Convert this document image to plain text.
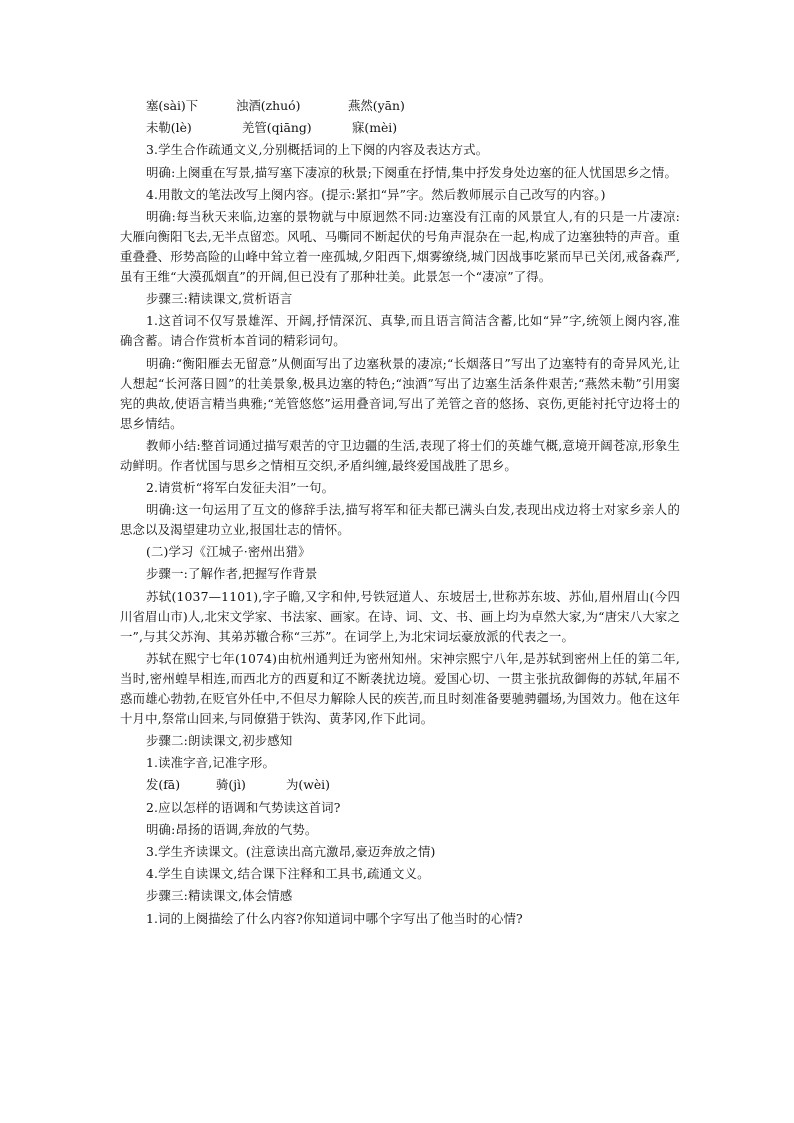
塞(sài)下	浊酒(zhuó)	燕然(yān)
未勒(lè)	羌管(qiāng)	寐(mèi)

3.学生合作疏通文义,分别概括词的上下阕的内容及表达方式。

明确:上阕重在写景,描写塞下凄凉的秋景;下阕重在抒情,集中抒发身处边塞的征人忧国思乡之情。

4.用散文的笔法改写上阕内容。(提示:紧扣“异”字。然后教师展示自己改写的内容。)

明确:每当秋天来临,边塞的景物就与中原迥然不同:边塞没有江南的风景宜人,有的只是一片凄凉:大雁向衡阳飞去,无半点留恋。风吼、马嘶同不断起伏的号角声混杂在一起,构成了边塞独特的声音。重重叠叠、形势高险的山峰中耸立着一座孤城,夕阳西下,烟雾缭绕,城门因战事吃紧而早已关闭,戒备森严,虽有王维“大漠孤烟直”的开阔,但已没有了那种壮美。此景怎一个“凄凉”了得。

步骤三:精读课文,赏析语言

1.这首词不仅写景雄浑、开阔,抒情深沉、真挚,而且语言简洁含蓄,比如“异”字,统领上阕内容,准确含蓄。请合作赏析本首词的精彩词句。

明确:“衡阳雁去无留意”从侧面写出了边塞秋景的凄凉;“长烟落日”写出了边塞特有的奇异风光,让人想起“长河落日圆”的壮美景象,极具边塞的特色;“浊酒”写出了边塞生活条件艰苦;“燕然未勒”引用窦宪的典故,使语言精当典雅;“羌管悠悠”运用叠音词,写出了羌管之音的悠扬、哀伤,更能衬托守边将士的思乡情结。

教师小结:整首词通过描写艰苦的守卫边疆的生活,表现了将士们的英雄气概,意境开阔苍凉,形象生动鲜明。作者忧国与思乡之情相互交织,矛盾纠缠,最终爱国战胜了思乡。

2.请赏析“将军白发征夫泪”一句。

明确:这一句运用了互文的修辞手法,描写将军和征夫都已满头白发,表现出戍边将士对家乡亲人的思念以及渴望建功立业,报国壮志的情怀。

(二)学习《江城子·密州出猎》

步骤一:了解作者,把握写作背景

苏轼(1037—1101),字子瞻,又字和仲,号铁冠道人、东坡居士,世称苏东坡、苏仙,眉州眉山(今四川省眉山市)人,北宋文学家、书法家、画家。在诗、词、文、书、画上均为卓然大家,为“唐宋八大家之一”,与其父苏洵、其弟苏辙合称“三苏”。在词学上,为北宋词坛豪放派的代表之一。

苏轼在熙宁七年(1074)由杭州通判迁为密州知州。宋神宗熙宁八年,是苏轼到密州上任的第二年,当时,密州蝗旱相连,而西北方的西夏和辽不断袭扰边境。爱国心切、一贯主张抗敌御侮的苏轼,年届不惑而雄心勃勃,在贬官外任中,不但尽力解除人民的疾苦,而且时刻准备要驰骋疆场,为国效力。他在这年十月中,祭常山回来,与同僚猎于铁沟、黄茅冈,作下此词。

步骤二:朗读课文,初步感知

1.读准字音,记准字形。

发(fā)	骑(jì)	为(wèi)

2.应以怎样的语调和气势读这首词?

明确:昂扬的语调,奔放的气势。

3.学生齐读课文。(注意读出高亢激昂,豪迈奔放之情)

4.学生自读课文,结合课下注释和工具书,疏通文义。

步骤三:精读课文,体会情感

1.词的上阕描绘了什么内容?你知道词中哪个字写出了他当时的心情?
